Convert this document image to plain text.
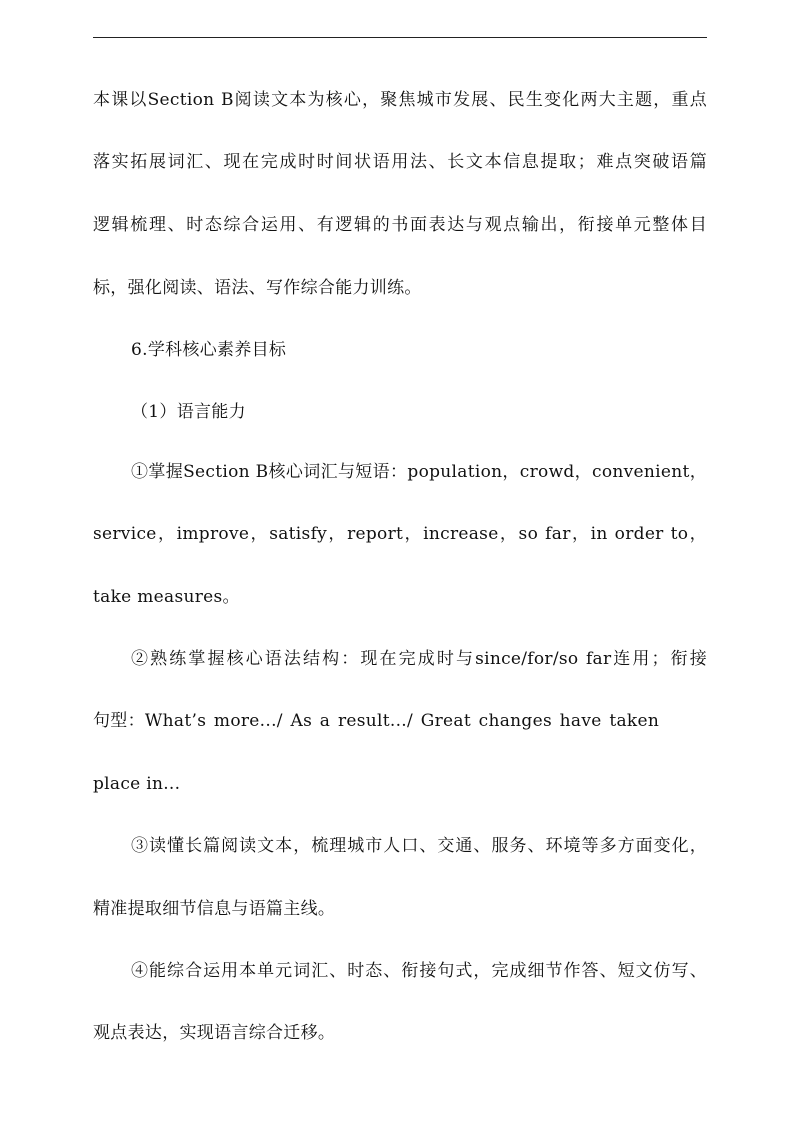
本课以Section B阅读文本为核心，聚焦城市发展、民生变化两大主题，重点
落实拓展词汇、现在完成时时间状语用法、长文本信息提取；难点突破语篇
逻辑梳理、时态综合运用、有逻辑的书面表达与观点输出，衔接单元整体目
标，强化阅读、语法、写作综合能力训练。
6.学科核心素养目标
（1）语言能力
①掌握Section B核心词汇与短语：population，crowd，convenient，
service，improve，satisfy，report，increase，so far，in order to，
take measures。
②熟练掌握核心语法结构：现在完成时与since/for/so far连用；衔接
句型：What’s more.../ As a result.../ Great changes have taken
place in...
③读懂长篇阅读文本，梳理城市人口、交通、服务、环境等多方面变化，
精准提取细节信息与语篇主线。
④能综合运用本单元词汇、时态、衔接句式，完成细节作答、短文仿写、
观点表达，实现语言综合迁移。
